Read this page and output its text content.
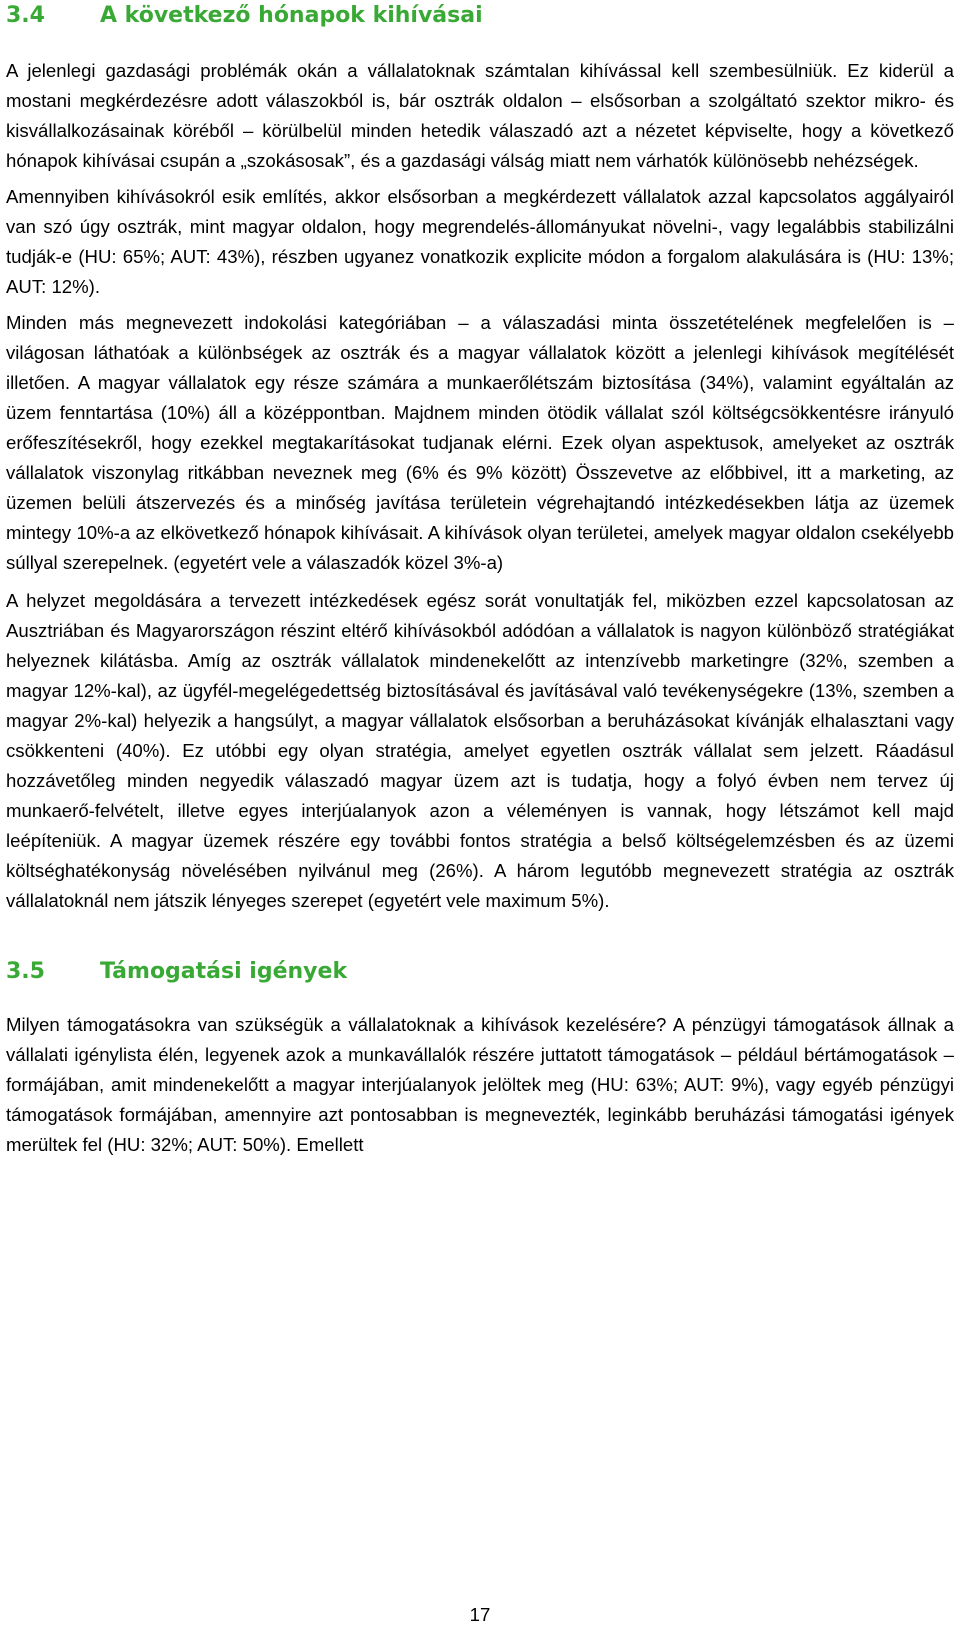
3.4	A következő hónapok kihívásai

A jelenlegi gazdasági problémák okán a vállalatoknak számtalan kihívással kell szembesülniük. Ez kiderül a mostani megkérdezésre adott válaszokból is, bár osztrák oldalon – elsősorban a szolgáltató szektor mikro- és kisvállalkozásainak köréből – körülbelül minden hetedik válaszadó azt a nézetet képviselte, hogy a következő hónapok kihívásai csupán a „szokásosak”, és a gazdasági válság miatt nem várhatók különösebb nehézségek.

Amennyiben kihívásokról esik említés, akkor elsősorban a megkérdezett vállalatok azzal kapcsolatos aggályairól van szó úgy osztrák, mint magyar oldalon, hogy megrendelés-állományukat növelni-, vagy legalábbis stabilizálni tudják-e (HU: 65%; AUT: 43%), részben ugyanez vonatkozik explicite módon a forgalom alakulására is (HU: 13%; AUT: 12%).

Minden más megnevezett indokolási kategóriában – a válaszadási minta összetételének megfelelően is – világosan láthatóak a különbségek az osztrák és a magyar vállalatok között a jelenlegi kihívások megítélését illetően. A magyar vállalatok egy része számára a munkaerőlétszám biztosítása (34%), valamint egyáltalán az üzem fenntartása (10%) áll a középpontban. Majdnem minden ötödik vállalat szól költségcsökkentésre irányuló erőfeszítésekről, hogy ezekkel megtakarításokat tudjanak elérni. Ezek olyan aspektusok, amelyeket az osztrák vállalatok viszonylag ritkábban neveznek meg (6% és 9% között) Összevetve az előbbivel, itt a marketing, az üzemen belüli átszervezés és a minőség javítása területein végrehajtandó intézkedésekben látja az üzemek mintegy 10%-a az elkövetkező hónapok kihívásait. A kihívások olyan területei, amelyek magyar oldalon csekélyebb súllyal szerepelnek. (egyetért vele a válaszadók közel 3%-a)

A helyzet megoldására a tervezett intézkedések egész sorát vonultatják fel, miközben ezzel kapcsolatosan az Ausztriában és Magyarországon részint eltérő kihívásokból adódóan a vállalatok is nagyon különböző stratégiákat helyeznek kilátásba. Amíg az osztrák vállalatok mindenekelőtt az intenzívebb marketingre (32%, szemben a magyar 12%-kal), az ügyfél-megelégedettség biztosításával és javításával való tevékenységekre (13%, szemben a magyar 2%-kal) helyezik a hangsúlyt, a magyar vállalatok elsősorban a beruházásokat kívánják elhalasztani vagy csökkenteni (40%). Ez utóbbi egy olyan stratégia, amelyet egyetlen osztrák vállalat sem jelzett. Ráadásul hozzávetőleg minden negyedik válaszadó magyar üzem azt is tudatja, hogy a folyó évben nem tervez új munkaerő-felvételt, illetve egyes interjúalanyok azon a véleményen is vannak, hogy létszámot kell majd leépíteniük. A magyar üzemek részére egy további fontos stratégia a belső költségelemzésben és az üzemi költséghatékonyság növelésében nyilvánul meg (26%). A három legutóbb megnevezett stratégia az osztrák vállalatoknál nem játszik lényeges szerepet (egyetért vele maximum 5%).

3.5	Támogatási igények

Milyen támogatásokra van szükségük a vállalatoknak a kihívások kezelésére? A pénzügyi támogatások állnak a vállalati igénylista élén, legyenek azok a munkavállalók részére juttatott támogatások – például bértámogatások – formájában, amit mindenekelőtt a magyar interjúalanyok jelöltek meg (HU: 63%; AUT: 9%), vagy egyéb pénzügyi támogatások formájában, amennyire azt pontosabban is megnevezték, leginkább beruházási támogatási igények merültek fel (HU: 32%; AUT: 50%). Emellett

17
